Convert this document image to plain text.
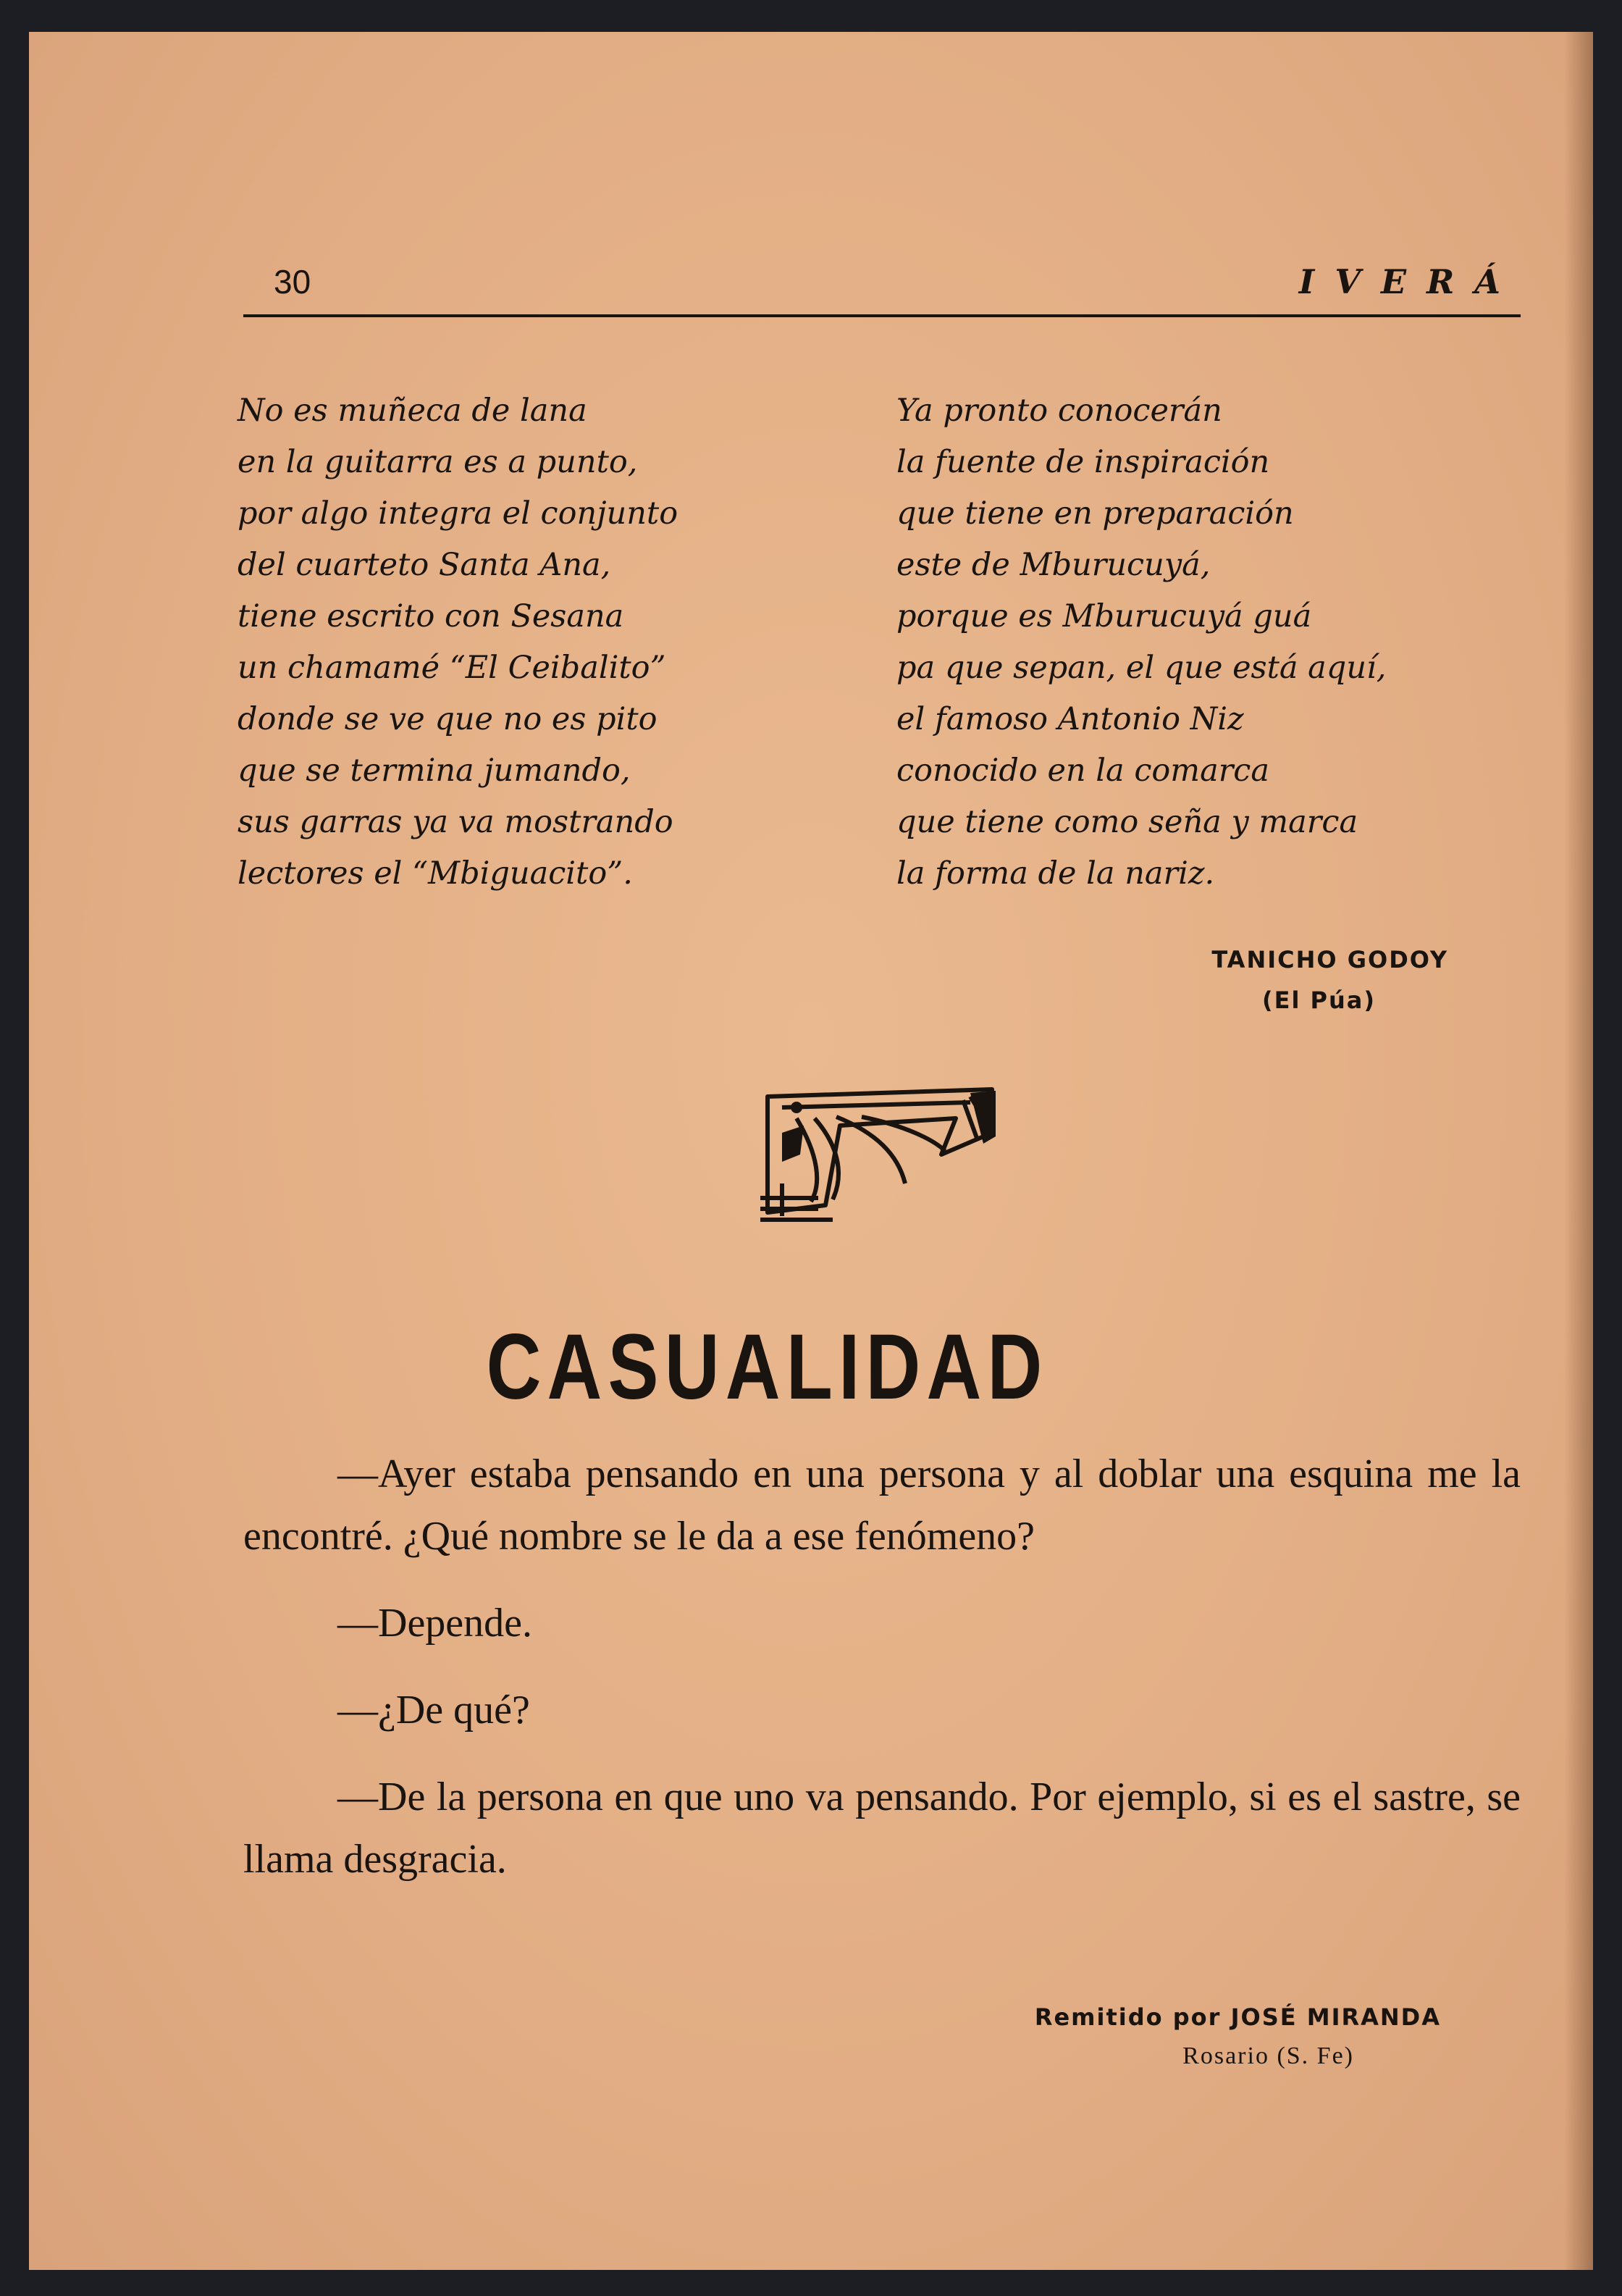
30	IVERÁ
No es muñeca de lana
en la guitarra es a punto,
por algo integra el conjunto
del cuarteto Santa Ana,
tiene escrito con Sesana
un chamamé “El Ceibalito”
donde se ve que no es pito
que se termina jumando,
sus garras ya va mostrando
lectores el “Mbiguacito”.
Ya pronto conocerán
la fuente de inspiración
que tiene en preparación
este de Mburucuyá,
porque es Mburucuyá guá
pa que sepan, el que está aquí,
el famoso Antonio Niz
conocido en la comarca
que tiene como seña y marca
la forma de la nariz.
TANICHO GODOY
(El Púa)
CASUALIDAD

—Ayer estaba pensando en una persona y al doblar una esquina me la encontré. ¿Qué nombre se le da a ese fenómeno?

—Depende.

—¿De qué?

—De la persona en que uno va pensando. Por ejemplo, si es el sastre, se llama desgracia.

Remitido por JOSÉ MIRANDA
Rosario (S. Fe)
